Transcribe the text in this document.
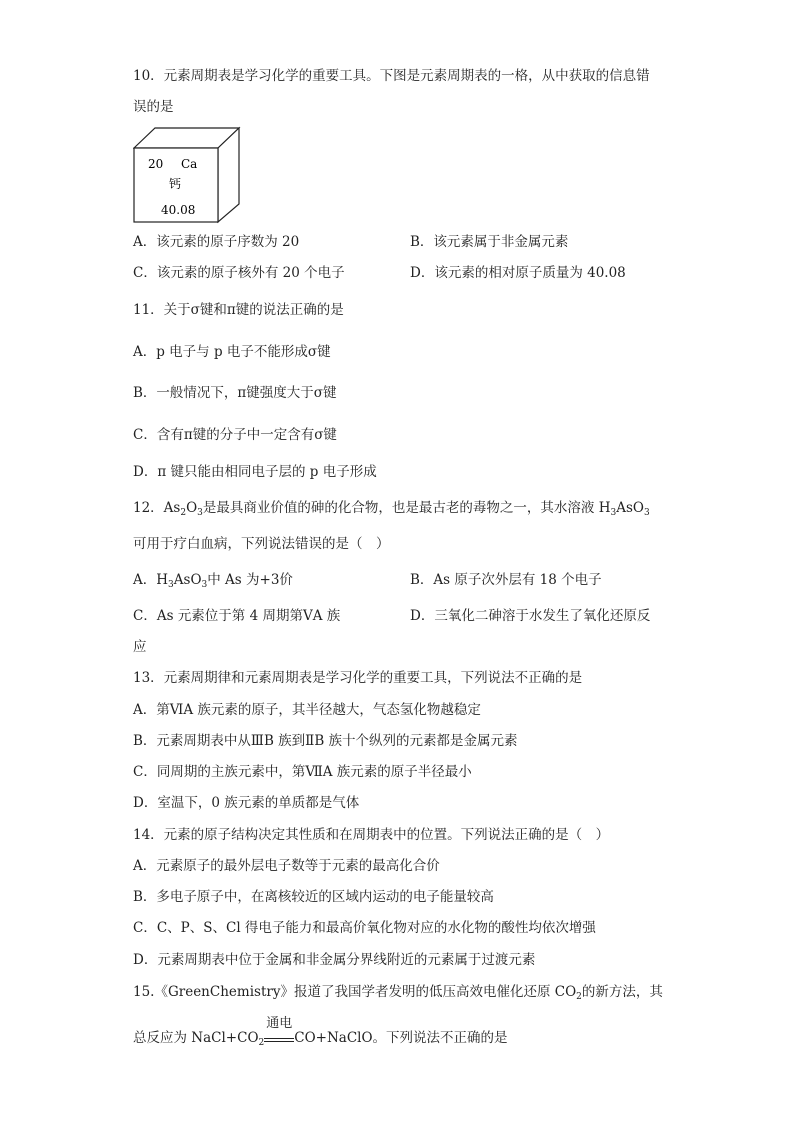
10．元素周期表是学习化学的重要工具。下图是元素周期表的一格，从中获取的信息错
误的是
20 Ca
钙
40.08
A．该元素的原子序数为 20	B．该元素属于非金属元素
C．该元素的原子核外有 20 个电子	D．该元素的相对原子质量为 40.08
11．关于σ键和π键的说法正确的是
A．p 电子与 p 电子不能形成σ键
B．一般情况下，π键强度大于σ键
C．含有π键的分子中一定含有σ键
D．π 键只能由相同电子层的 p 电子形成
12．$As_2O_3$是最具商业价值的砷的化合物，也是最古老的毒物之一，其水溶液 $H_3AsO_3$
可用于疗白血病，下列说法错误的是（　）
A．$H_3AsO_3$中 As 为+3价	B．As 原子次外层有 18 个电子
C．As 元素位于第 4 周期第ⅤA 族	D．三氧化二砷溶于水发生了氧化还原反
应
13．元素周期律和元素周期表是学习化学的重要工具，下列说法不正确的是
A．第ⅥA 族元素的原子，其半径越大，气态氢化物越稳定
B．元素周期表中从ⅢB 族到ⅡB 族十个纵列的元素都是金属元素
C．同周期的主族元素中，第ⅦA 族元素的原子半径最小
D．室温下，0 族元素的单质都是气体
14．元素的原子结构决定其性质和在周期表中的位置。下列说法正确的是（　）
A．元素原子的最外层电子数等于元素的最高化合价
B．多电子原子中，在离核较近的区域内运动的电子能量较高
C．C、P、S、Cl 得电子能力和最高价氧化物对应的水化物的酸性均依次增强
D．元素周期表中位于金属和非金属分界线附近的元素属于过渡元素
15.《GreenChemistry》报道了我国学者发明的低压高效电催化还原 $CO_2$的新方法，其
总反应为 $NaCl+CO_2$
通电
CO+NaClO。下列说法不正确的是
